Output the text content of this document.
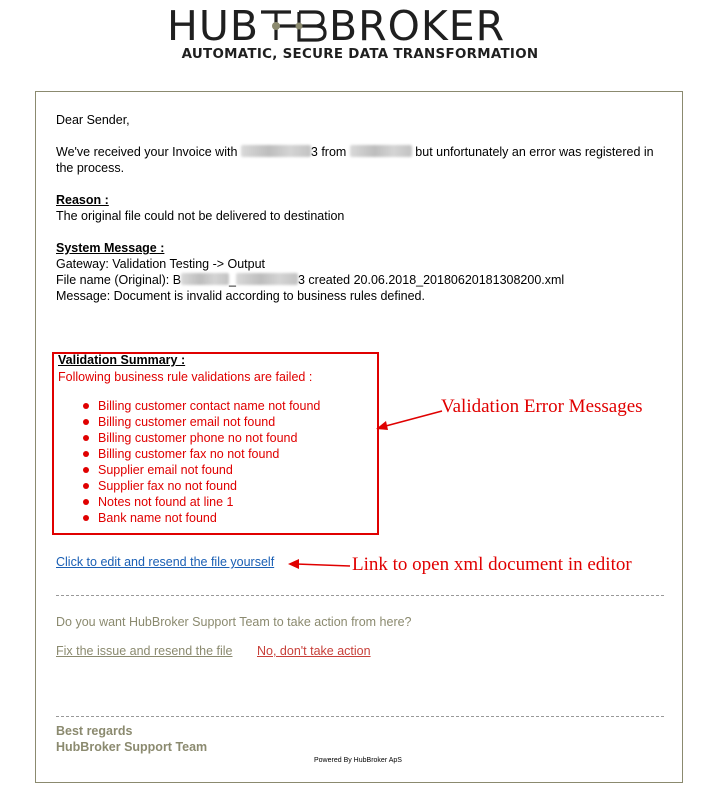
HUB BROKER
AUTOMATIC, SECURE DATA TRANSFORMATION
Dear Sender,
We've received your Invoice with	3 from	but unfortunately an error was registered in
the process.
Reason :
The original file could not be delivered to destination
System Message :
Gateway: Validation Testing -> Output
File name (Original): B	_	3 created 20.06.2018_20180620181308200.xml
Message: Document is invalid according to business rules defined.
Validation Summary :
Following business rule validations are failed :
Billing customer contact name not found
Billing customer email not found
Billing customer phone no not found
Billing customer fax no not found
Supplier email not found
Supplier fax no not found
Notes not found at line 1
Bank name not found
Click to edit and resend the file yourself
Do you want HubBroker Support Team to take action from here?
Fix the issue and resend the file No, don't take action
Best regards
HubBroker Support Team
Powered By HubBroker ApS
Validation Error Messages
Link to open xml document in editor
